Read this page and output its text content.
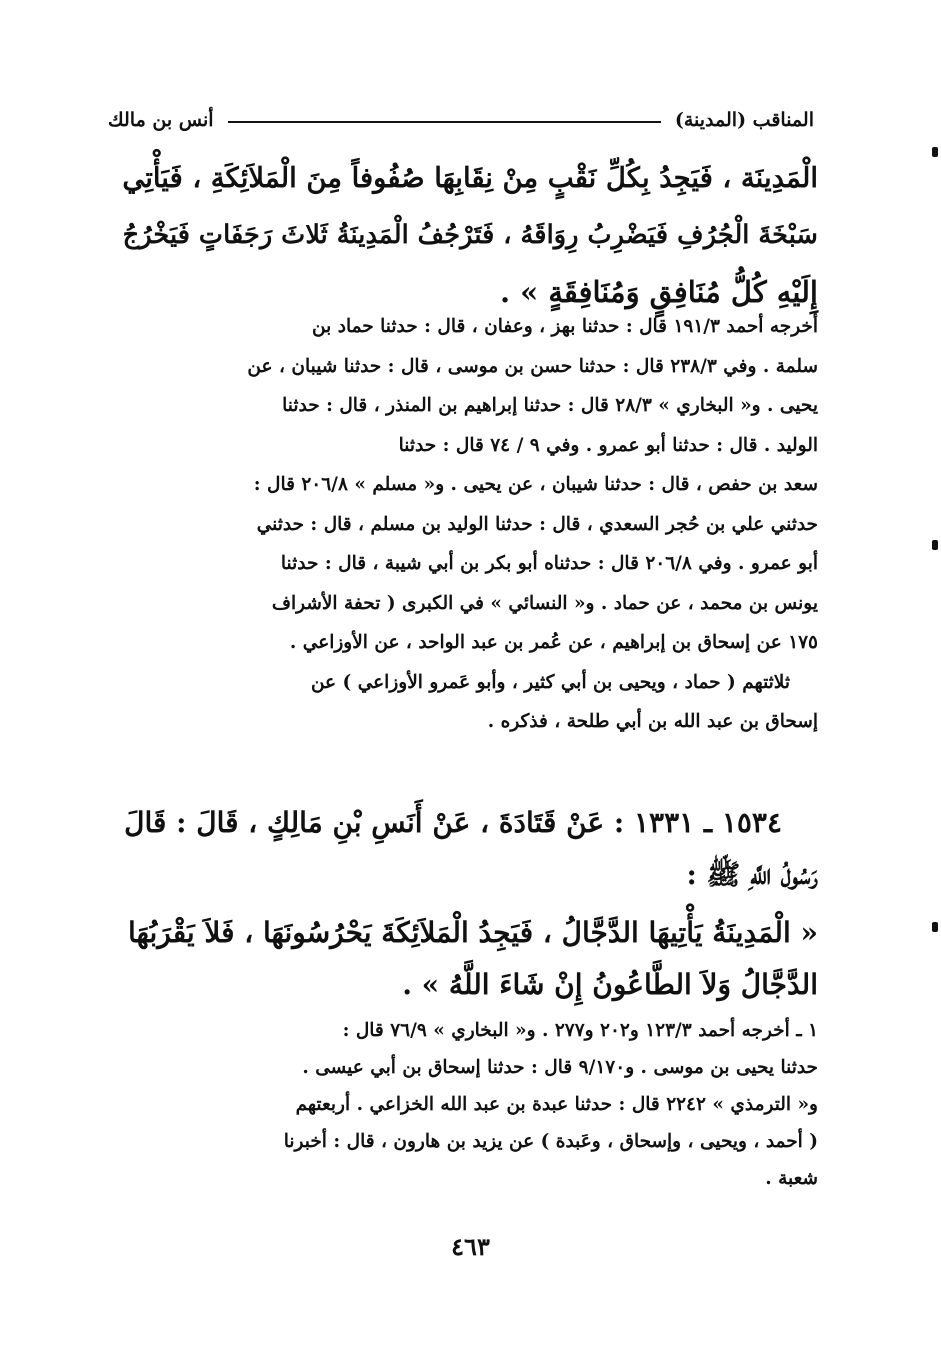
المناقب (المدينة)
أنس بن مالك

الْمَدِينَة ، فَيَجِدُ بِكُلِّ نَقْبٍ مِنْ نِقَابِهَا صُفُوفاً مِنَ الْمَلاَئِكَةِ ، فَيَأْتِي

سَبْخَةَ الْجُرُفِ فَيَضْرِبُ رِوَاقَهُ ، فَتَرْجُفُ الْمَدِينَةُ ثَلاثَ رَجَفَاتٍ فَيَخْرُجُ

إِلَيْهِ كُلُّ مُنَافِقٍ وَمُنَافِقَةٍ » .

أخرجه أحمد ١٩١/٣ قال : حدثنا بهز ، وعفان ، قال : حدثنا حماد بن

سلمة . وفي ٢٣٨/٣ قال : حدثنا حسن بن موسى ، قال : حدثنا شيبان ، عن

يحيى . و« البخاري » ٢٨/٣ قال : حدثنا إبراهيم بن المنذر ، قال : حدثنا

الوليد . قال : حدثنا أبو عمرو . وفي ٩ / ٧٤ قال : حدثنا

سعد بن حفص ، قال : حدثنا شيبان ، عن يحيى . و« مسلم » ٢٠٦/٨ قال :

حدثني علي بن حُجر السعدي ، قال : حدثنا الوليد بن مسلم ، قال : حدثني

أبو عمرو . وفي ٢٠٦/٨ قال : حدثناه أبو بكر بن أبي شيبة ، قال : حدثنا

يونس بن محمد ، عن حماد . و« النسائي » في الكبرى ( تحفة الأشراف

١٧٥ عن إسحاق بن إبراهيم ، عن عُمر بن عبد الواحد ، عن الأوزاعي .

ثلاثتهم ( حماد ، ويحيى بن أبي كثير ، وأبو عَمرو الأوزاعي ) عن

إسحاق بن عبد الله بن أبي طلحة ، فذكره .

١٥٣٤ ـ ١٣٣١ : عَنْ قَتَادَةَ ، عَنْ أَنَسِ بْنِ مَالِكٍ ، قَالَ : قَالَ

رَسُولُ اللَّهِ ﷺ :

« الْمَدِينَةُ يَأْتِيهَا الدَّجَّالُ ، فَيَجِدُ الْمَلاَئِكَةَ يَحْرُسُونَهَا ، فَلاَ يَقْرَبُهَا

الدَّجَّالُ وَلاَ الطَّاعُونُ إِنْ شَاءَ اللَّهُ » .

١ ـ أخرجه أحمد ١٢٣/٣ و٢٠٢ و٢٧٧ . و« البخاري » ٧٦/٩ قال :

حدثنا يحيى بن موسى . و٩/١٧٠ قال : حدثنا إسحاق بن أبي عيسى .

و« الترمذي » ٢٢٤٢ قال : حدثنا عبدة بن عبد الله الخزاعي . أربعتهم

( أحمد ، ويحيى ، وإسحاق ، وعَبدة ) عن يزيد بن هارون ، قال : أخبرنا

شعبة .

٤٦٣
